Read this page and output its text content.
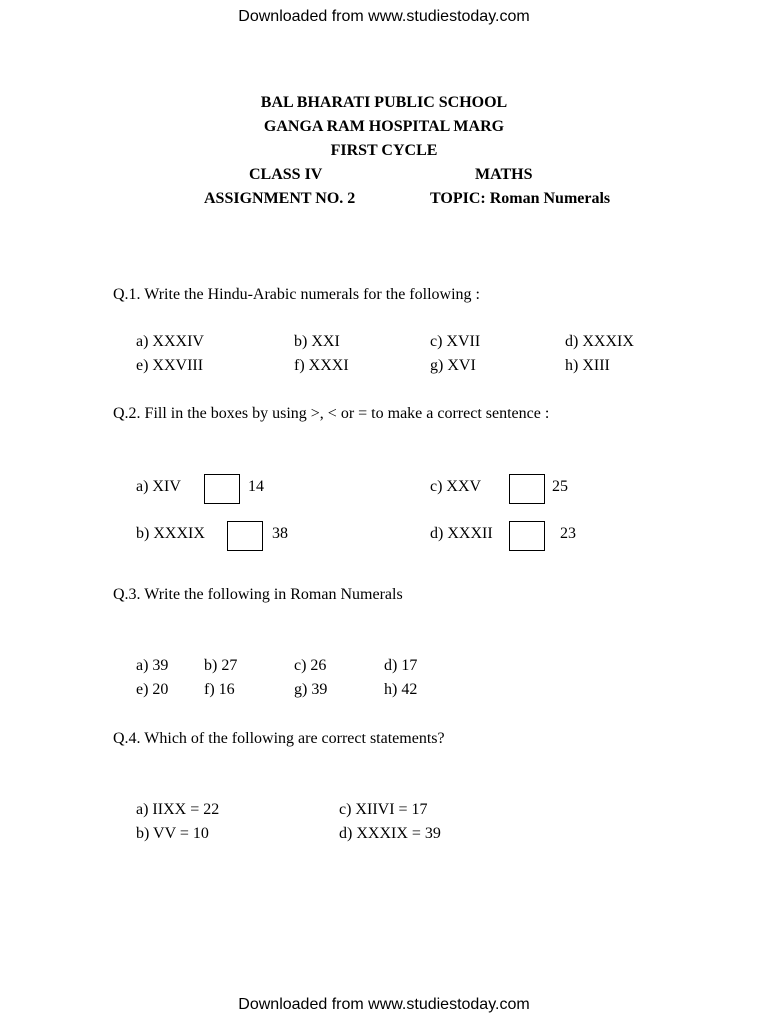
Downloaded from www.studiestoday.com
Downloaded from www.studiestoday.com
BAL BHARATI PUBLIC SCHOOL
GANGA RAM HOSPITAL MARG
FIRST CYCLE
CLASS IV	MATHS
ASSIGNMENT NO. 2	TOPIC: Roman Numerals
Q.1. Write the Hindu-Arabic numerals for the following :
a) XXXIV	b) XXI	c) XVII	d) XXXIX
e) XXVIII	f) XXXI	g) XVI	h) XIII
Q.2. Fill in the boxes by using >, < or = to make a correct sentence :
a) XIV	14	c) XXV	25
b) XXXIX	38	d) XXXII	23
Q.3. Write the following in Roman Numerals
a) 39 b) 27	c) 26	d) 17
e) 20 f) 16	g) 39	h) 42
Q.4. Which of the following are correct statements?
a) IIXX = 22	c) XIIVI = 17
b) VV = 10	d) XXXIX = 39
